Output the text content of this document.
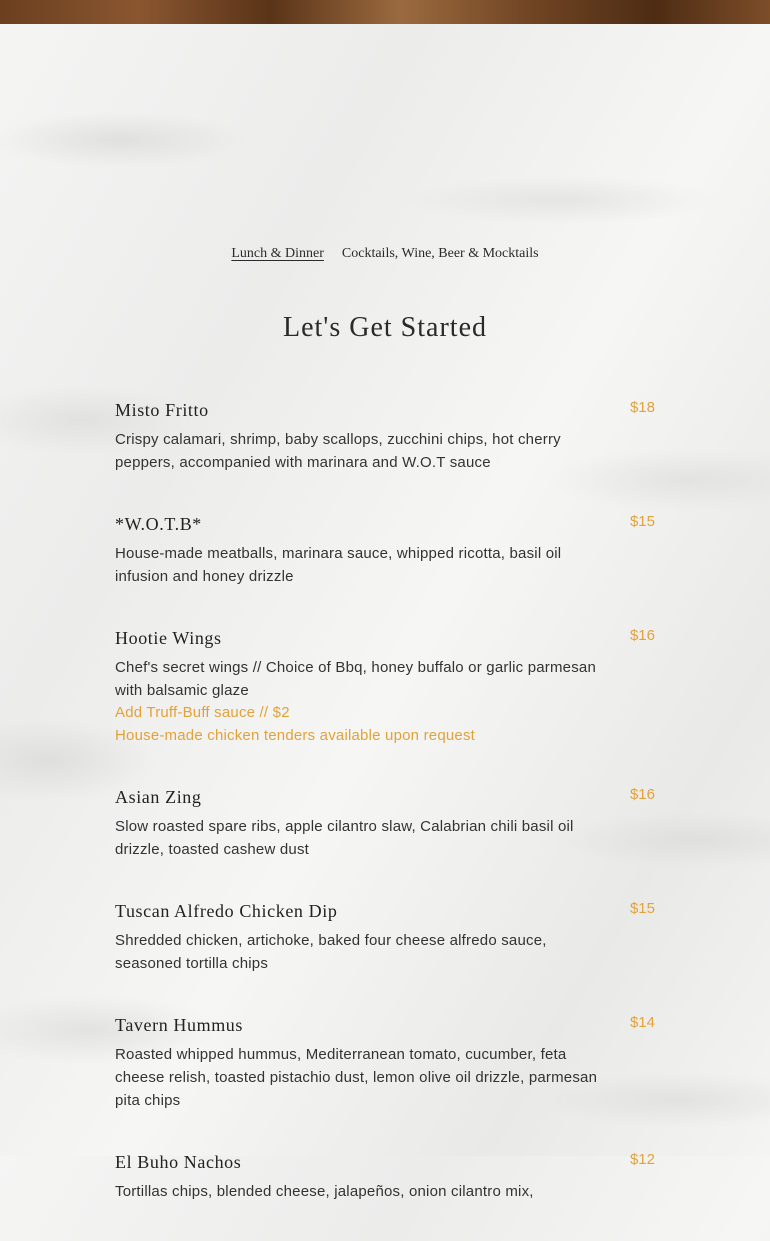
Lunch & Dinner Cocktails, Wine, Beer & Mocktails
Let's Get Started
Misto Fritto	$18
Crispy calamari, shrimp, baby scallops, zucchini chips, hot cherry peppers, accompanied with marinara and W.O.T sauce
*W.O.T.B*	$15
House-made meatballs, marinara sauce, whipped ricotta, basil oil infusion and honey drizzle
Hootie Wings	$16
Chef's secret wings // Choice of Bbq, honey buffalo or garlic parmesan with balsamic glaze
Add Truff-Buff sauce // $2
House-made chicken tenders available upon request
Asian Zing	$16
Slow roasted spare ribs, apple cilantro slaw, Calabrian chili basil oil drizzle, toasted cashew dust
Tuscan Alfredo Chicken Dip	$15
Shredded chicken, artichoke, baked four cheese alfredo sauce, seasoned tortilla chips
Tavern Hummus	$14
Roasted whipped hummus, Mediterranean tomato, cucumber, feta cheese relish, toasted pistachio dust, lemon olive oil drizzle, parmesan pita chips
El Buho Nachos	$12
Tortillas chips, blended cheese, jalapeños, onion cilantro mix,
